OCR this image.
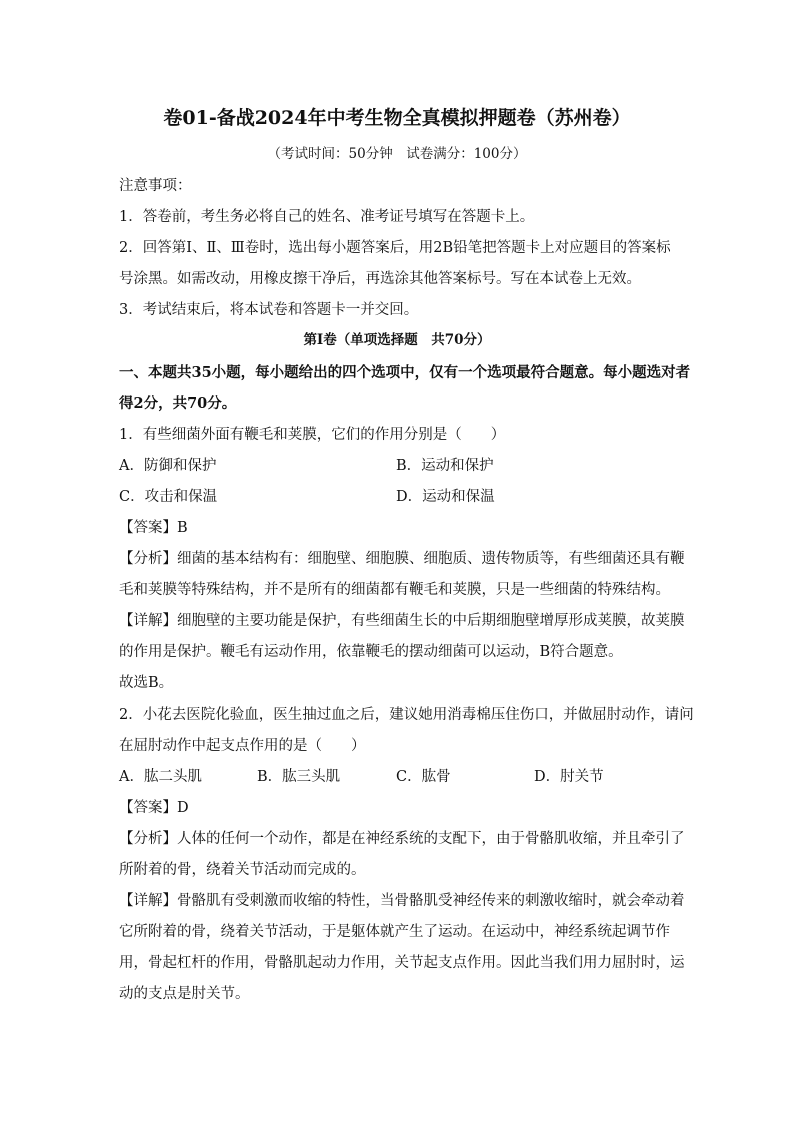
卷01-备战2024年中考生物全真模拟押题卷（苏州卷）
（考试时间：50分钟　试卷满分：100分）
注意事项：
1．答卷前，考生务必将自己的姓名、准考证号填写在答题卡上。
2．回答第Ⅰ、Ⅱ、Ⅲ卷时，选出每小题答案后，用2B铅笔把答题卡上对应题目的答案标
号涂黑。如需改动，用橡皮擦干净后，再选涂其他答案标号。写在本试卷上无效。
3．考试结束后，将本试卷和答题卡一并交回。
第Ⅰ卷（单项选择题　共70分）
一、本题共35小题，每小题给出的四个选项中，仅有一个选项最符合题意。每小题选对者
得2分，共70分。
1．有些细菌外面有鞭毛和荚膜，它们的作用分别是（　　）
A．防御和保护	B．运动和保护
C．攻击和保温	D．运动和保温
【答案】B
【分析】细菌的基本结构有：细胞壁、细胞膜、细胞质、遗传物质等，有些细菌还具有鞭
毛和荚膜等特殊结构，并不是所有的细菌都有鞭毛和荚膜，只是一些细菌的特殊结构。
【详解】细胞壁的主要功能是保护，有些细菌生长的中后期细胞壁增厚形成荚膜，故荚膜
的作用是保护。鞭毛有运动作用，依靠鞭毛的摆动细菌可以运动，B符合题意。
故选B。
2．小花去医院化验血，医生抽过血之后，建议她用消毒棉压住伤口，并做屈肘动作，请问
在屈肘动作中起支点作用的是（　　）
A．肱二头肌	B．肱三头肌	C．肱骨	D．肘关节
【答案】D
【分析】人体的任何一个动作，都是在神经系统的支配下，由于骨骼肌收缩，并且牵引了
所附着的骨，绕着关节活动而完成的。
【详解】骨骼肌有受刺激而收缩的特性，当骨骼肌受神经传来的刺激收缩时，就会牵动着
它所附着的骨，绕着关节活动，于是躯体就产生了运动。在运动中，神经系统起调节作
用，骨起杠杆的作用，骨骼肌起动力作用，关节起支点作用。因此当我们用力屈肘时，运
动的支点是肘关节。
